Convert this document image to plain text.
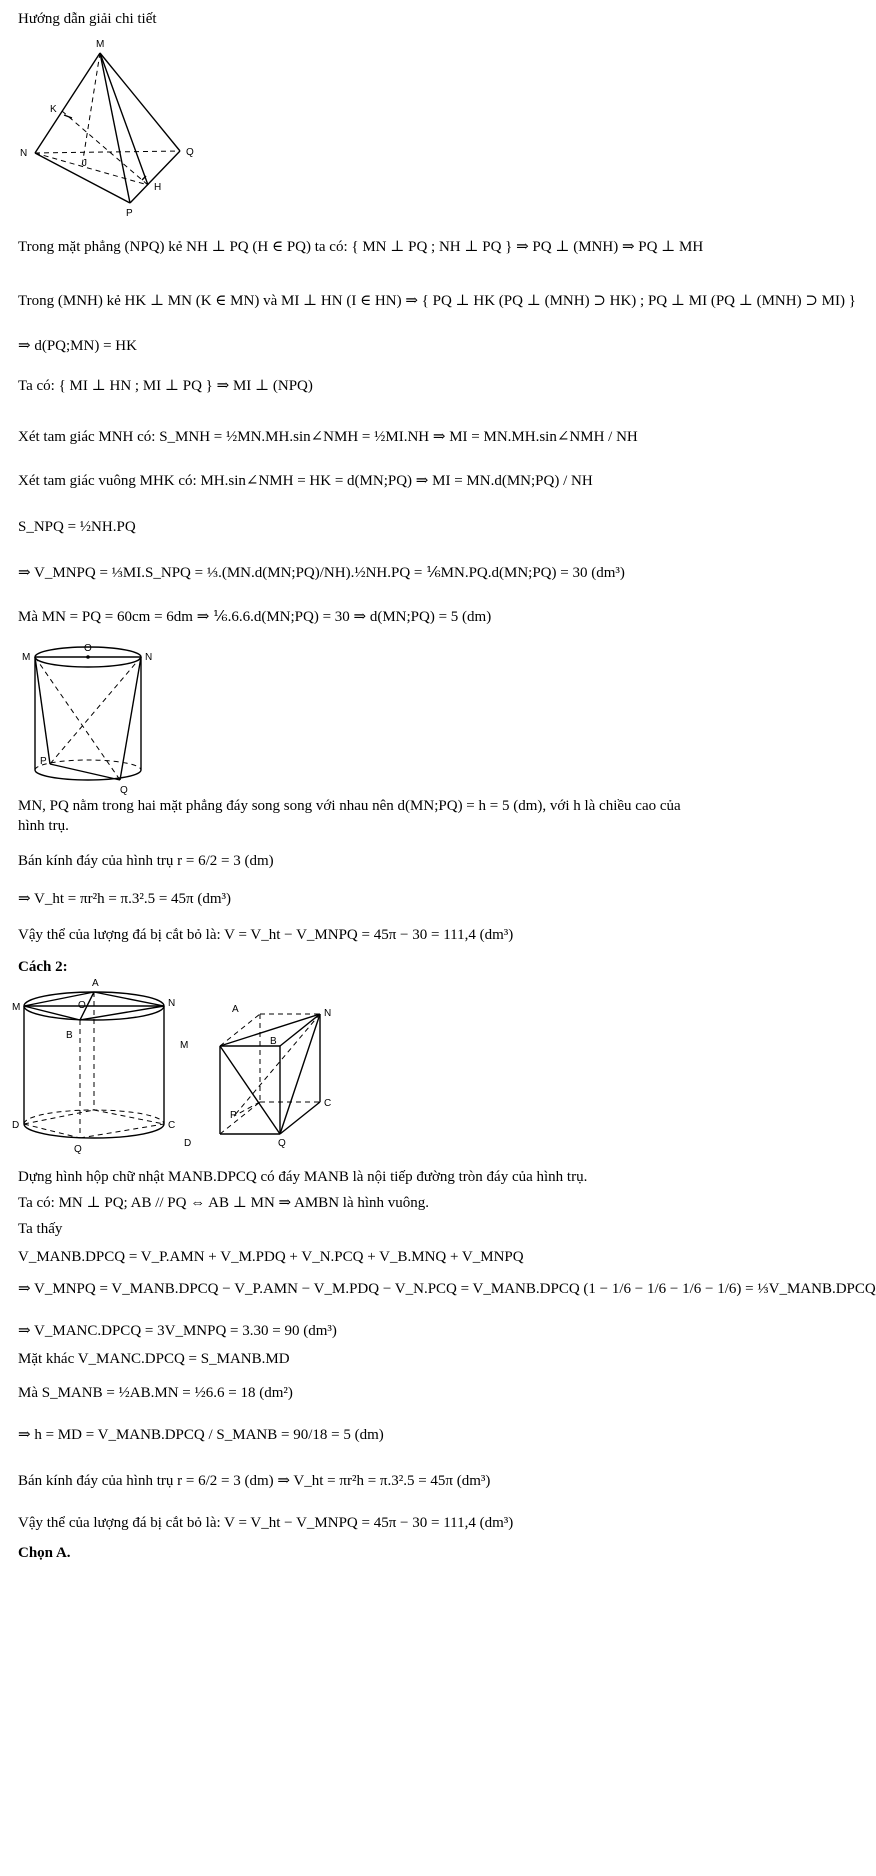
Hướng dẫn giải chi tiết
M
K
N
J
Q
H
P
Trong mặt phẳng (NPQ) kẻ NH ⊥ PQ (H ∈ PQ) ta có: { MN ⊥ PQ ; NH ⊥ PQ } ⇒ PQ ⊥ (MNH) ⇒ PQ ⊥ MH
Trong (MNH) kẻ HK ⊥ MN (K ∈ MN) và MI ⊥ HN (I ∈ HN) ⇒ { PQ ⊥ HK (PQ ⊥ (MNH) ⊃ HK) ; PQ ⊥ MI (PQ ⊥ (MNH) ⊃ MI) }
⇒ d(PQ;MN) = HK
Ta có: { MI ⊥ HN ; MI ⊥ PQ } ⇒ MI ⊥ (NPQ)
Xét tam giác MNH có: S_MNH = ½MN.MH.sin∠NMH = ½MI.NH ⇒ MI = MN.MH.sin∠NMH / NH
Xét tam giác vuông MHK có: MH.sin∠NMH = HK = d(MN;PQ) ⇒ MI = MN.d(MN;PQ) / NH
S_NPQ = ½NH.PQ
⇒ V_MNPQ = ⅓MI.S_NPQ = ⅓.(MN.d(MN;PQ)/NH).½NH.PQ = ⅙MN.PQ.d(MN;PQ) = 30 (dm³)
Mà MN = PQ = 60cm = 6dm ⇒ ⅙.6.6.d(MN;PQ) = 30 ⇒ d(MN;PQ) = 5 (dm)
M
O
N
P
Q
MN, PQ nằm trong hai mặt phẳng đáy song song với nhau nên d(MN;PQ) = h = 5 (dm), với h là chiều cao của
hình trụ.
Bán kính đáy của hình trụ r = 6/2 = 3 (dm)
⇒ V_ht = πr²h = π.3².5 = 45π (dm³)
Vậy thể của lượng đá bị cắt bỏ là: V = V_ht − V_MNPQ = 45π − 30 = 111,4 (dm³)
Cách 2:
A
O	N
M
B
D	C
Q
A	N
M	B
P
C
D	Q
Dựng hình hộp chữ nhật MANB.DPCQ có đáy MANB là nội tiếp đường tròn đáy của hình trụ.
Ta có: MN ⊥ PQ; AB // PQ ⇔ AB ⊥ MN ⇒ AMBN là hình vuông.
Ta thấy
V_MANB.DPCQ = V_P.AMN + V_M.PDQ + V_N.PCQ + V_B.MNQ + V_MNPQ
⇒ V_MNPQ = V_MANB.DPCQ − V_P.AMN − V_M.PDQ − V_N.PCQ = V_MANB.DPCQ (1 − 1/6 − 1/6 − 1/6 − 1/6) = ⅓V_MANB.DPCQ
⇒ V_MANC.DPCQ = 3V_MNPQ = 3.30 = 90 (dm³)
Mặt khác V_MANC.DPCQ = S_MANB.MD
Mà S_MANB = ½AB.MN = ½6.6 = 18 (dm²)
⇒ h = MD = V_MANB.DPCQ / S_MANB = 90/18 = 5 (dm)
Bán kính đáy của hình trụ r = 6/2 = 3 (dm) ⇒ V_ht = πr²h = π.3².5 = 45π (dm³)
Vậy thể của lượng đá bị cắt bỏ là: V = V_ht − V_MNPQ = 45π − 30 = 111,4 (dm³)
Chọn A.
